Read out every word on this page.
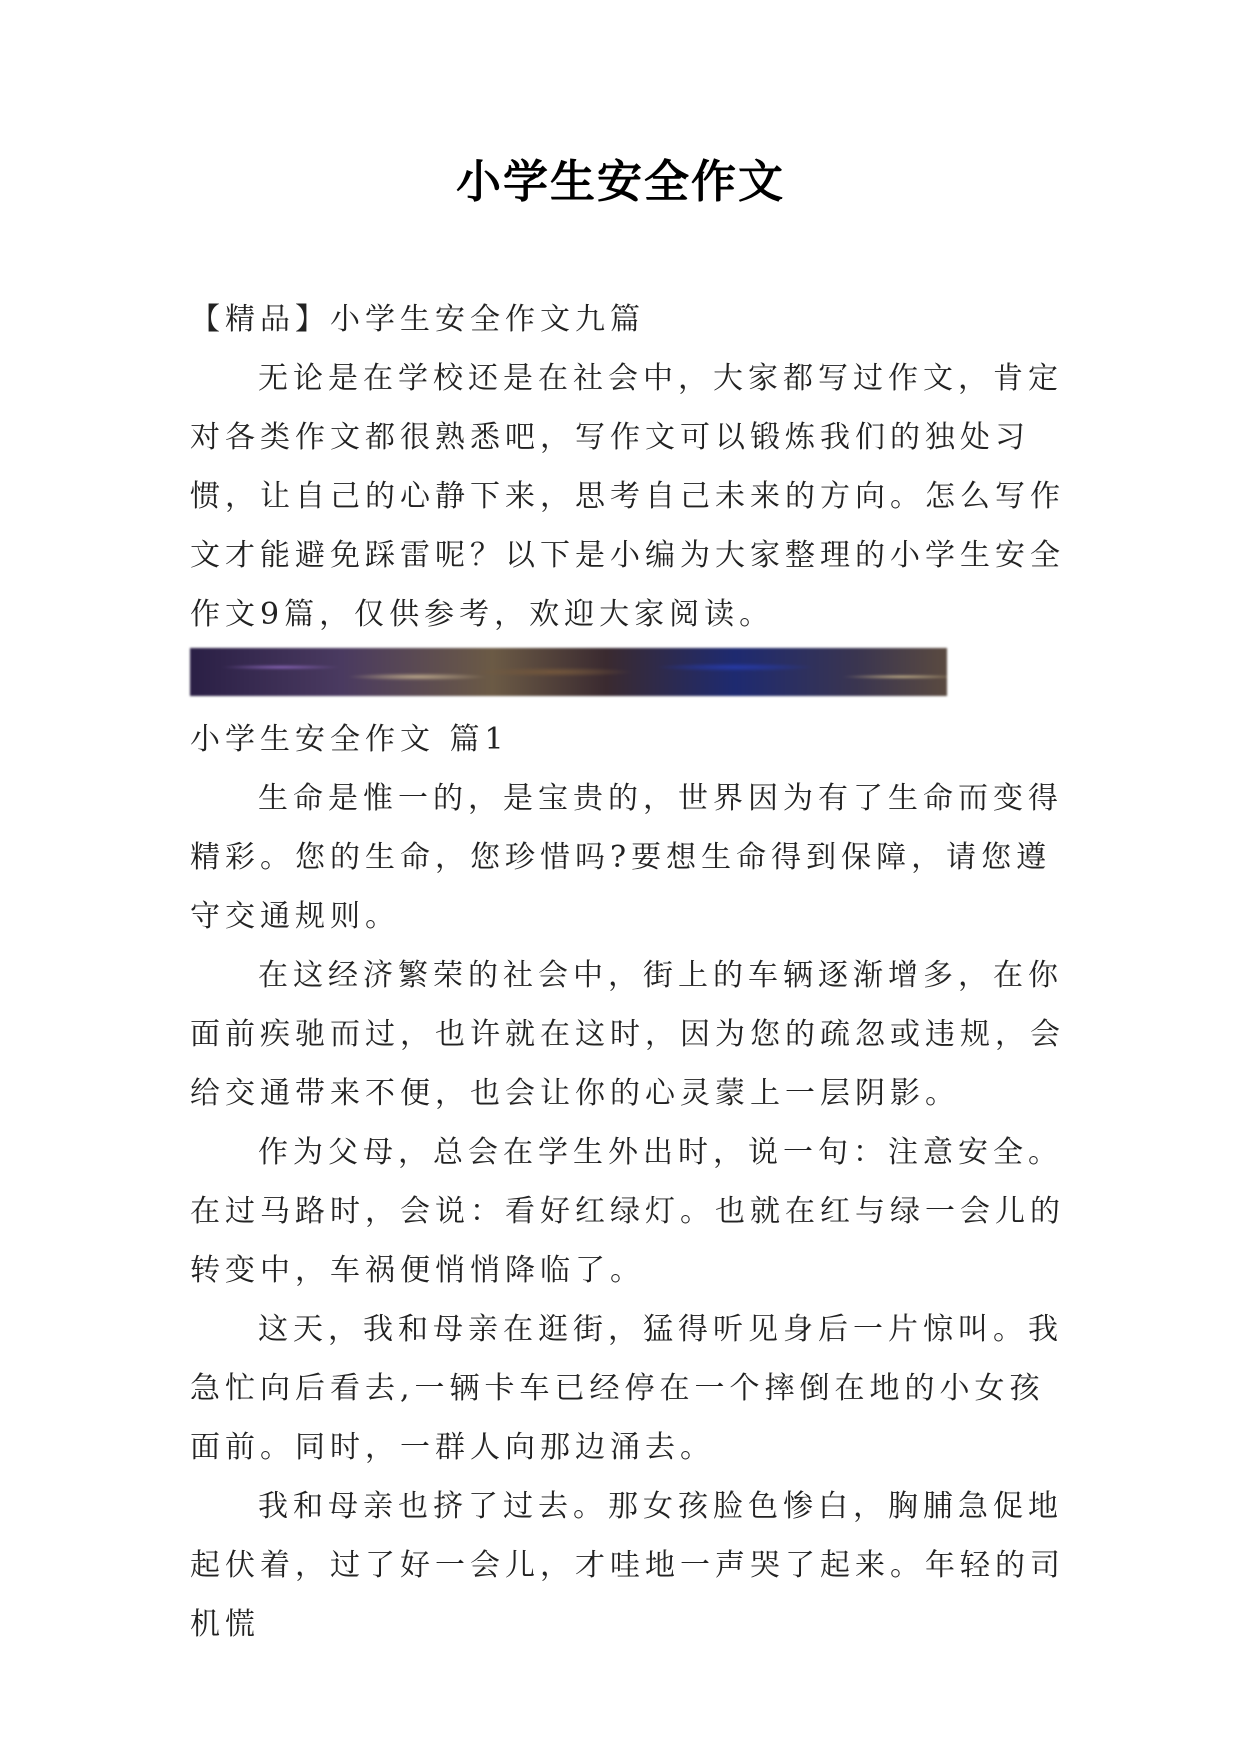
小学生安全作文

【精品】小学生安全作文九篇

无论是在学校还是在社会中，大家都写过作文，肯定对各类作文都很熟悉吧，写作文可以锻炼我们的独处习惯，让自己的心静下来，思考自己未来的方向。怎么写作文才能避免踩雷呢？以下是小编为大家整理的小学生安全作文9篇，仅供参考，欢迎大家阅读。

小学生安全作文 篇1

生命是惟一的，是宝贵的，世界因为有了生命而变得精彩。您的生命，您珍惜吗?要想生命得到保障，请您遵守交通规则。

在这经济繁荣的社会中，街上的车辆逐渐增多，在你面前疾驰而过，也许就在这时，因为您的疏忽或违规，会给交通带来不便，也会让你的心灵蒙上一层阴影。

作为父母，总会在学生外出时，说一句：注意安全。在过马路时，会说：看好红绿灯。也就在红与绿一会儿的转变中，车祸便悄悄降临了。

这天，我和母亲在逛街，猛得听见身后一片惊叫。我急忙向后看去,一辆卡车已经停在一个摔倒在地的小女孩面前。同时，一群人向那边涌去。

我和母亲也挤了过去。那女孩脸色惨白，胸脯急促地起伏着，过了好一会儿，才哇地一声哭了起来。年轻的司机慌
